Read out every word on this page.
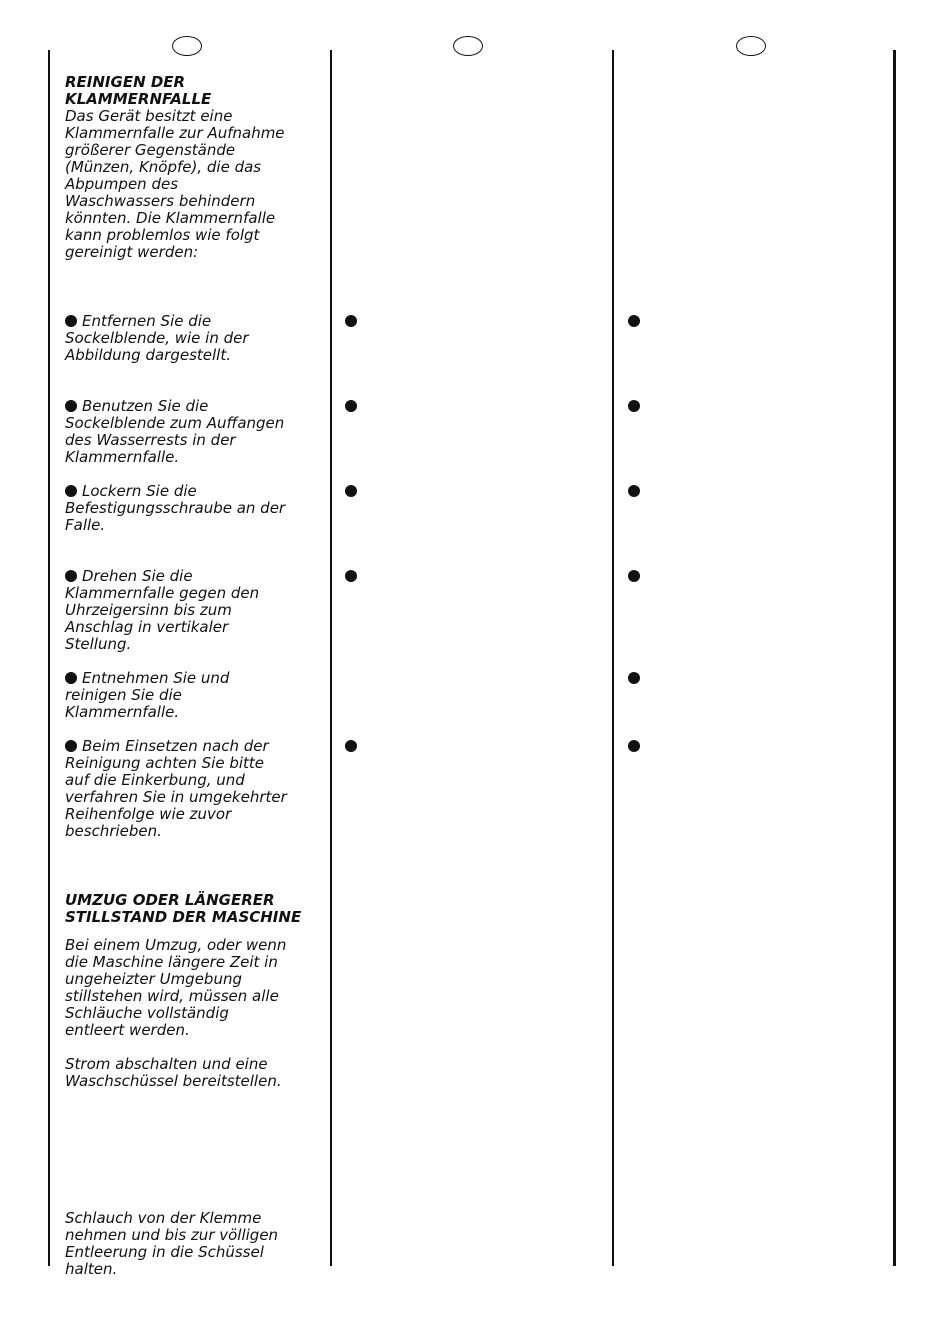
REINIGEN DER
KLAMMERNFALLE
Das Gerät besitzt eine
Klammernfalle zur Aufnahme
größerer Gegenstände
(Münzen, Knöpfe), die das
Abpumpen des
Waschwassers behindern
könnten. Die Klammernfalle
kann problemlos wie folgt
gereinigt werden:
Entfernen Sie die
Sockelblende, wie in der
Abbildung dargestellt.
Benutzen Sie die
Sockelblende zum Auffangen
des Wasserrests in der
Klammernfalle.
Lockern Sie die
Befestigungsschraube an der
Falle.
Drehen Sie die
Klammernfalle gegen den
Uhrzeigersinn bis zum
Anschlag in vertikaler
Stellung.
Entnehmen Sie und
reinigen Sie die
Klammernfalle.
Beim Einsetzen nach der
Reinigung achten Sie bitte
auf die Einkerbung, und
verfahren Sie in umgekehrter
Reihenfolge wie zuvor
beschrieben.
UMZUG ODER LÄNGERER
STILLSTAND DER MASCHINE
Bei einem Umzug, oder wenn
die Maschine längere Zeit in
ungeheizter Umgebung
stillstehen wird, müssen alle
Schläuche vollständig
entleert werden.
Strom abschalten und eine
Waschschüssel bereitstellen.
Schlauch von der Klemme
nehmen und bis zur völligen
Entleerung in die Schüssel
halten.
